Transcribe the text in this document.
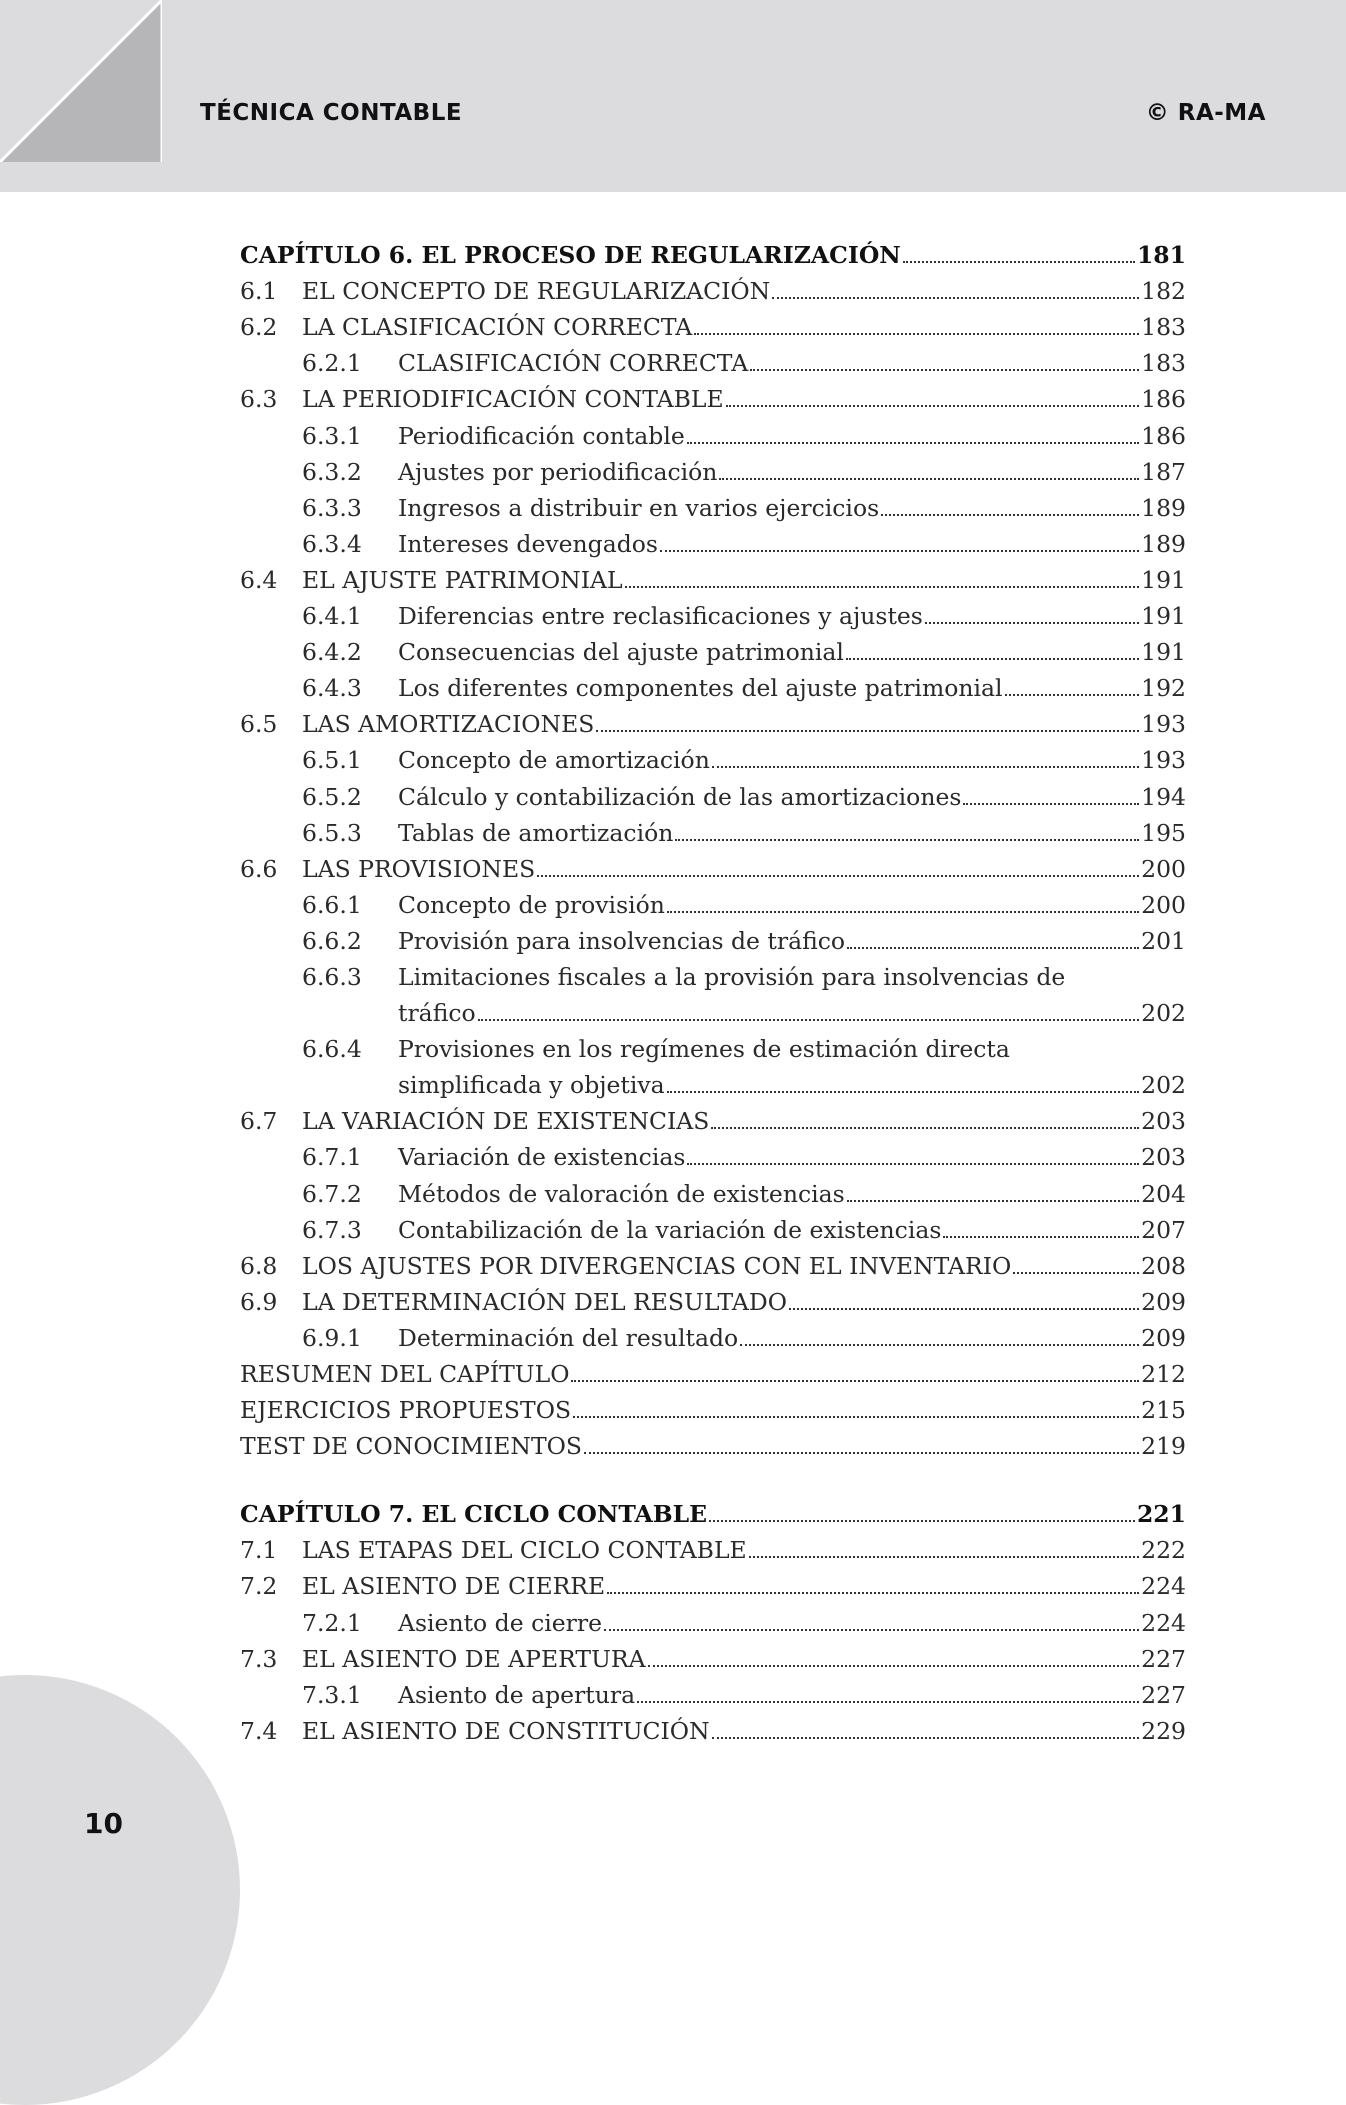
TÉCNICA CONTABLE	© RA-MA
10
CAPÍTULO 6. EL PROCESO DE REGULARIZACIÓN	181
6.1	EL CONCEPTO DE REGULARIZACIÓN	182
6.2	LA CLASIFICACIÓN CORRECTA	183
6.2.1	CLASIFICACIÓN CORRECTA	183
6.3	LA PERIODIFICACIÓN CONTABLE	186
6.3.1	Periodificación contable	186
6.3.2	Ajustes por periodificación	187
6.3.3	Ingresos a distribuir en varios ejercicios	189
6.3.4	Intereses devengados	189
6.4	EL AJUSTE PATRIMONIAL	191
6.4.1	Diferencias entre reclasificaciones y ajustes	191
6.4.2	Consecuencias del ajuste patrimonial	191
6.4.3	Los diferentes componentes del ajuste patrimonial	192
6.5	LAS AMORTIZACIONES	193
6.5.1	Concepto de amortización	193
6.5.2	Cálculo y contabilización de las amortizaciones	194
6.5.3	Tablas de amortización	195
6.6	LAS PROVISIONES	200
6.6.1	Concepto de provisión	200
6.6.2	Provisión para insolvencias de tráfico	201
6.6.3	Limitaciones fiscales a la provisión para insolvencias de
tráfico	202
6.6.4	Provisiones en los regímenes de estimación directa
simplificada y objetiva	202
6.7	LA VARIACIÓN DE EXISTENCIAS	203
6.7.1	Variación de existencias	203
6.7.2	Métodos de valoración de existencias	204
6.7.3	Contabilización de la variación de existencias	207
6.8	LOS AJUSTES POR DIVERGENCIAS CON EL INVENTARIO	208
6.9	LA DETERMINACIÓN DEL RESULTADO	209
6.9.1	Determinación del resultado	209
RESUMEN DEL CAPÍTULO	212
EJERCICIOS PROPUESTOS	215
TEST DE CONOCIMIENTOS	219
CAPÍTULO 7. EL CICLO CONTABLE	221
7.1	LAS ETAPAS DEL CICLO CONTABLE	222
7.2	EL ASIENTO DE CIERRE	224
7.2.1	Asiento de cierre	224
7.3	EL ASIENTO DE APERTURA	227
7.3.1	Asiento de apertura	227
7.4	EL ASIENTO DE CONSTITUCIÓN	229
